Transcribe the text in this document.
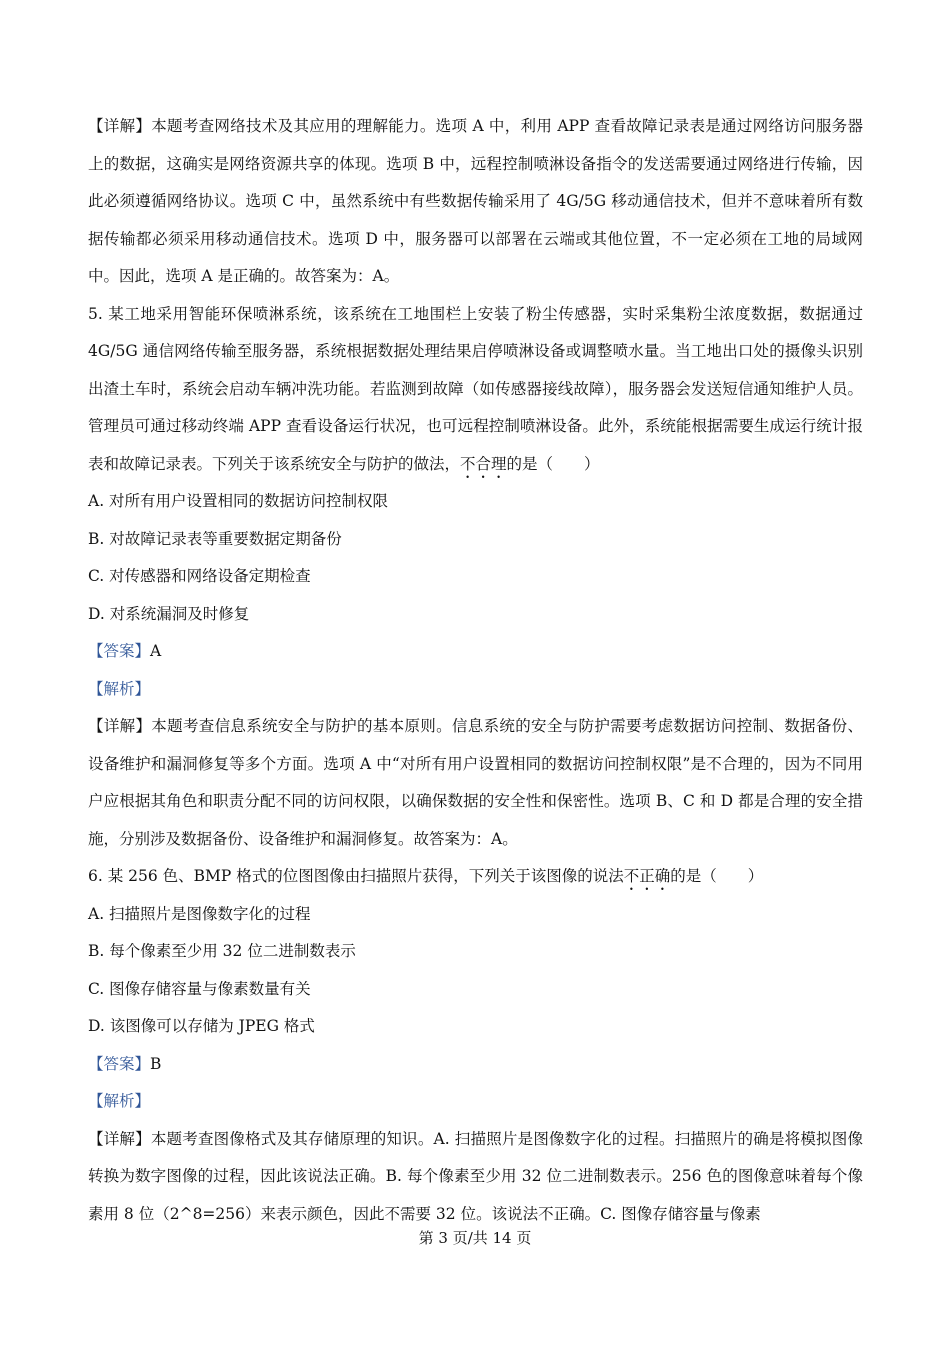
【详解】本题考查网络技术及其应用的理解能力。选项 A 中，利用 APP 查看故障记录表是通过网络访问服务器上的数据，这确实是网络资源共享的体现。选项 B 中，远程控制喷淋设备指令的发送需要通过网络进行传输，因此必须遵循网络协议。选项 C 中，虽然系统中有些数据传输采用了 4G/5G 移动通信技术，但并不意味着所有数据传输都必须采用移动通信技术。选项 D 中，服务器可以部署在云端或其他位置，不一定必须在工地的局域网中。因此，选项 A 是正确的。故答案为：A。

5. 某工地采用智能环保喷淋系统，该系统在工地围栏上安装了粉尘传感器，实时采集粉尘浓度数据，数据通过 4G/5G 通信网络传输至服务器，系统根据数据处理结果启停喷淋设备或调整喷水量。当工地出口处的摄像头识别出渣土车时，系统会启动车辆冲洗功能。若监测到故障（如传感器接线故障），服务器会发送短信通知维护人员。管理员可通过移动终端 APP 查看设备运行状况，也可远程控制喷淋设备。此外，系统能根据需要生成运行统计报表和故障记录表。下列关于该系统安全与防护的做法，不合理的是（　　）

A. 对所有用户设置相同的数据访问控制权限

B. 对故障记录表等重要数据定期备份

C. 对传感器和网络设备定期检查

D. 对系统漏洞及时修复

【答案】A

【解析】

【详解】本题考查信息系统安全与防护的基本原则。信息系统的安全与防护需要考虑数据访问控制、数据备份、设备维护和漏洞修复等多个方面。选项 A 中“对所有用户设置相同的数据访问控制权限”是不合理的，因为不同用户应根据其角色和职责分配不同的访问权限，以确保数据的安全性和保密性。选项 B、C 和 D 都是合理的安全措施，分别涉及数据备份、设备维护和漏洞修复。故答案为：A。

6. 某 256 色、BMP 格式的位图图像由扫描照片获得，下列关于该图像的说法不正确的是（　　）

A. 扫描照片是图像数字化的过程

B. 每个像素至少用 32 位二进制数表示

C. 图像存储容量与像素数量有关

D. 该图像可以存储为 JPEG 格式

【答案】B

【解析】

【详解】本题考查图像格式及其存储原理的知识。A. 扫描照片是图像数字化的过程。扫描照片的确是将模拟图像转换为数字图像的过程，因此该说法正确。B. 每个像素至少用 32 位二进制数表示。256 色的图像意味着每个像素用 8 位（2^8=256）来表示颜色，因此不需要 32 位。该说法不正确。C. 图像存储容量与像素

第 3 页/共 14 页
